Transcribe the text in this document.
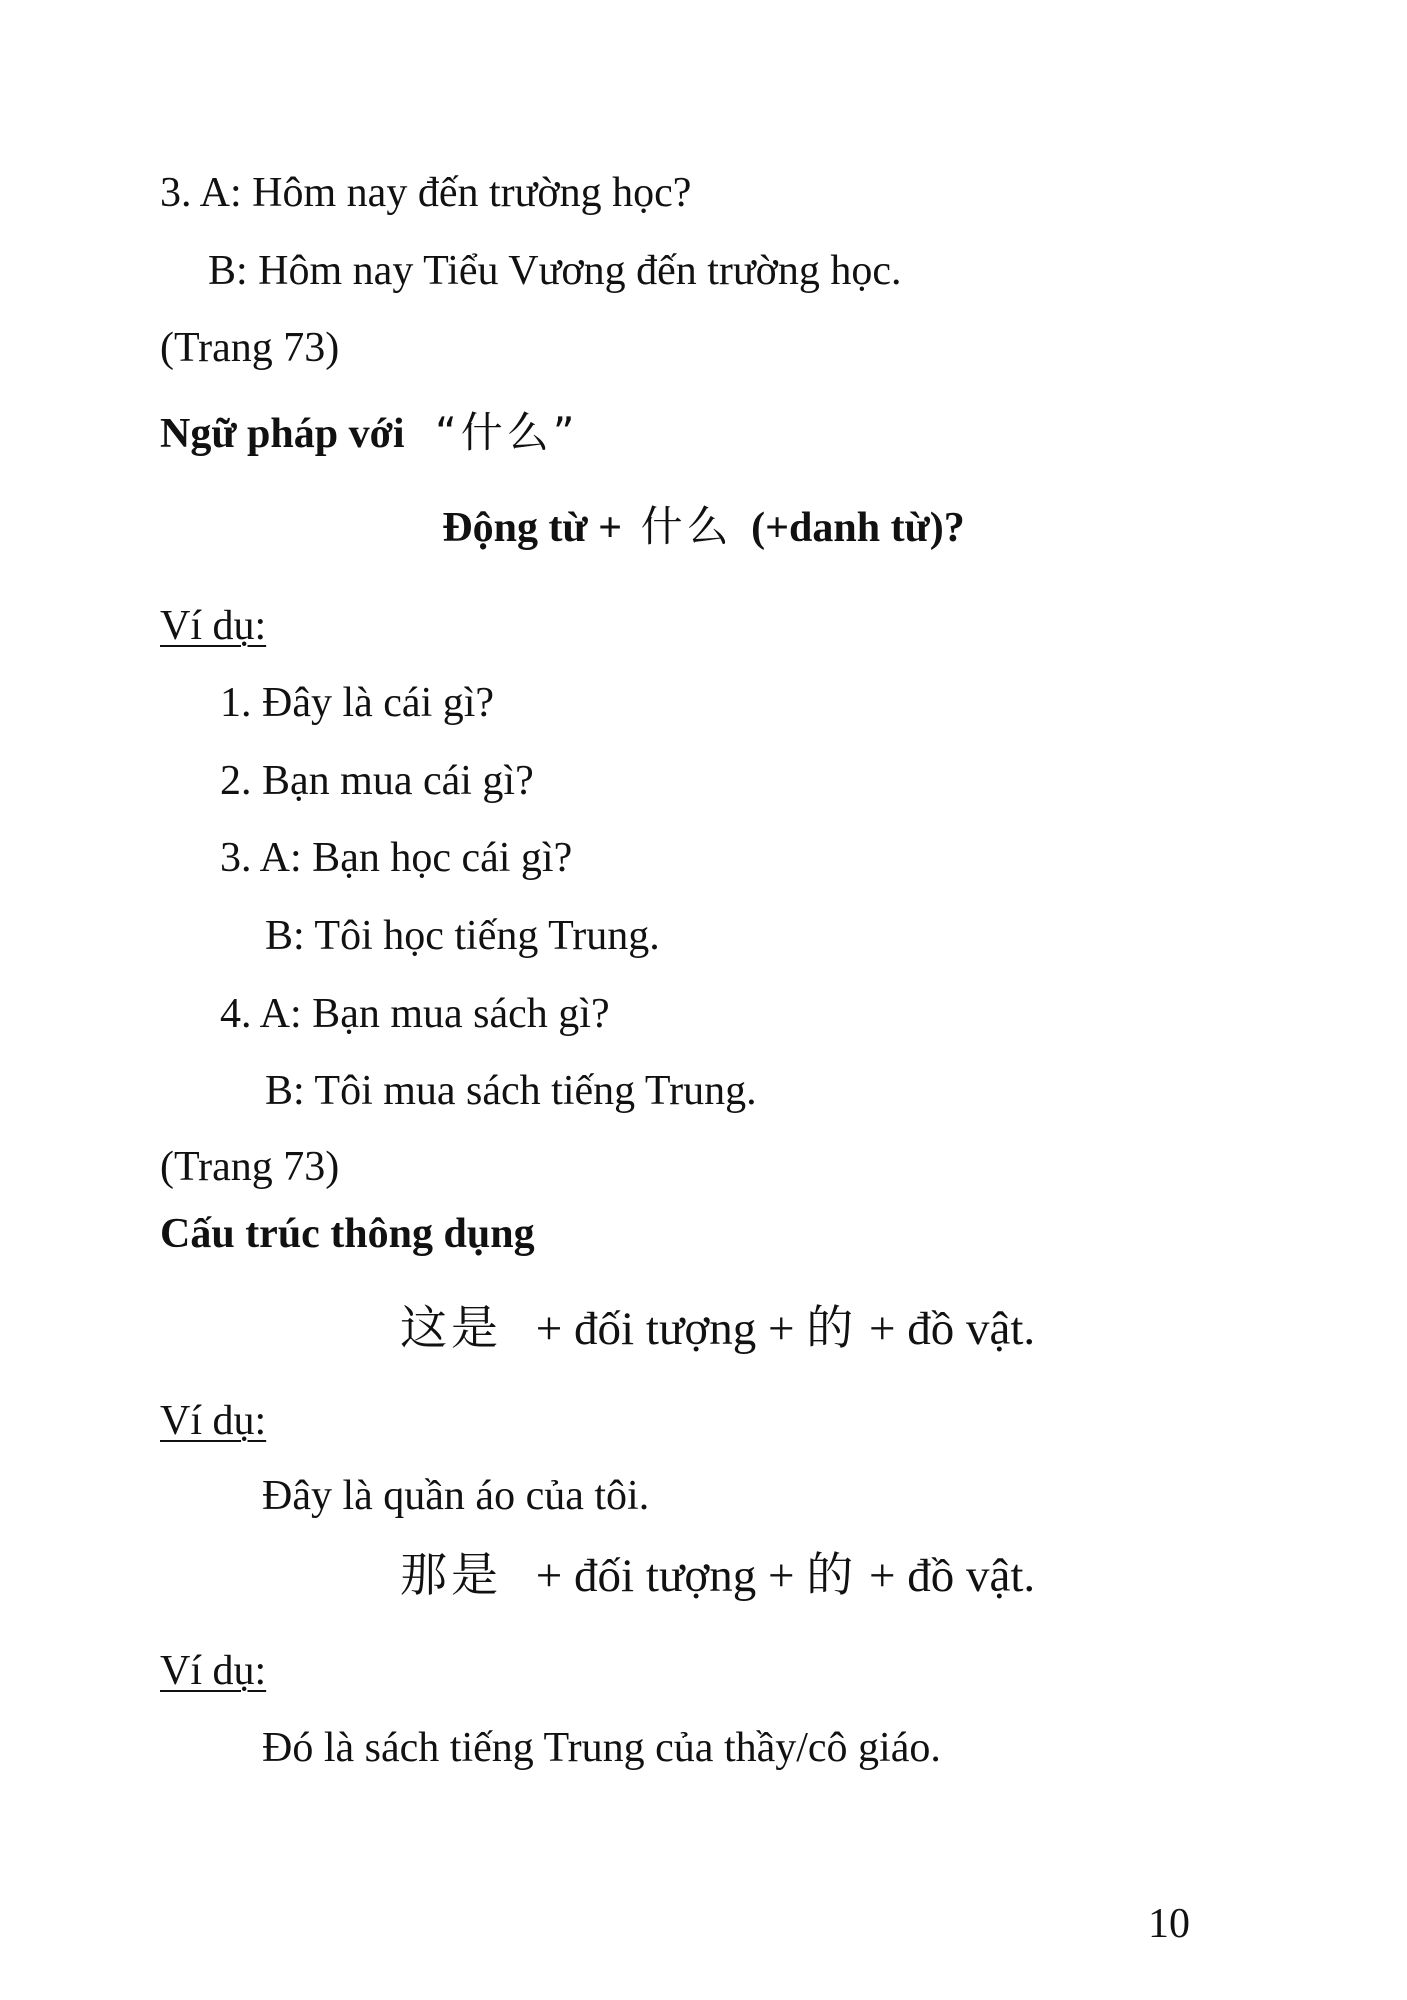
3. A: Hôm nay đến trường học?
B: Hôm nay Tiểu Vương đến trường học.
(Trang 73)
Ngữ pháp với “什么”
Động từ + 什么 (+danh từ)?
Ví dụ:
1. Đây là cái gì?
2. Bạn mua cái gì?
3. A: Bạn học cái gì?
B: Tôi học tiếng Trung.
4. A: Bạn mua sách gì?
B: Tôi mua sách tiếng Trung.
(Trang 73)
Cấu trúc thông dụng
这是 + đối tượng + 的 + đồ vật.
Ví dụ:
Đây là quần áo của tôi.
那是 + đối tượng + 的 + đồ vật.
Ví dụ:
Đó là sách tiếng Trung của thầy/cô giáo.
10
